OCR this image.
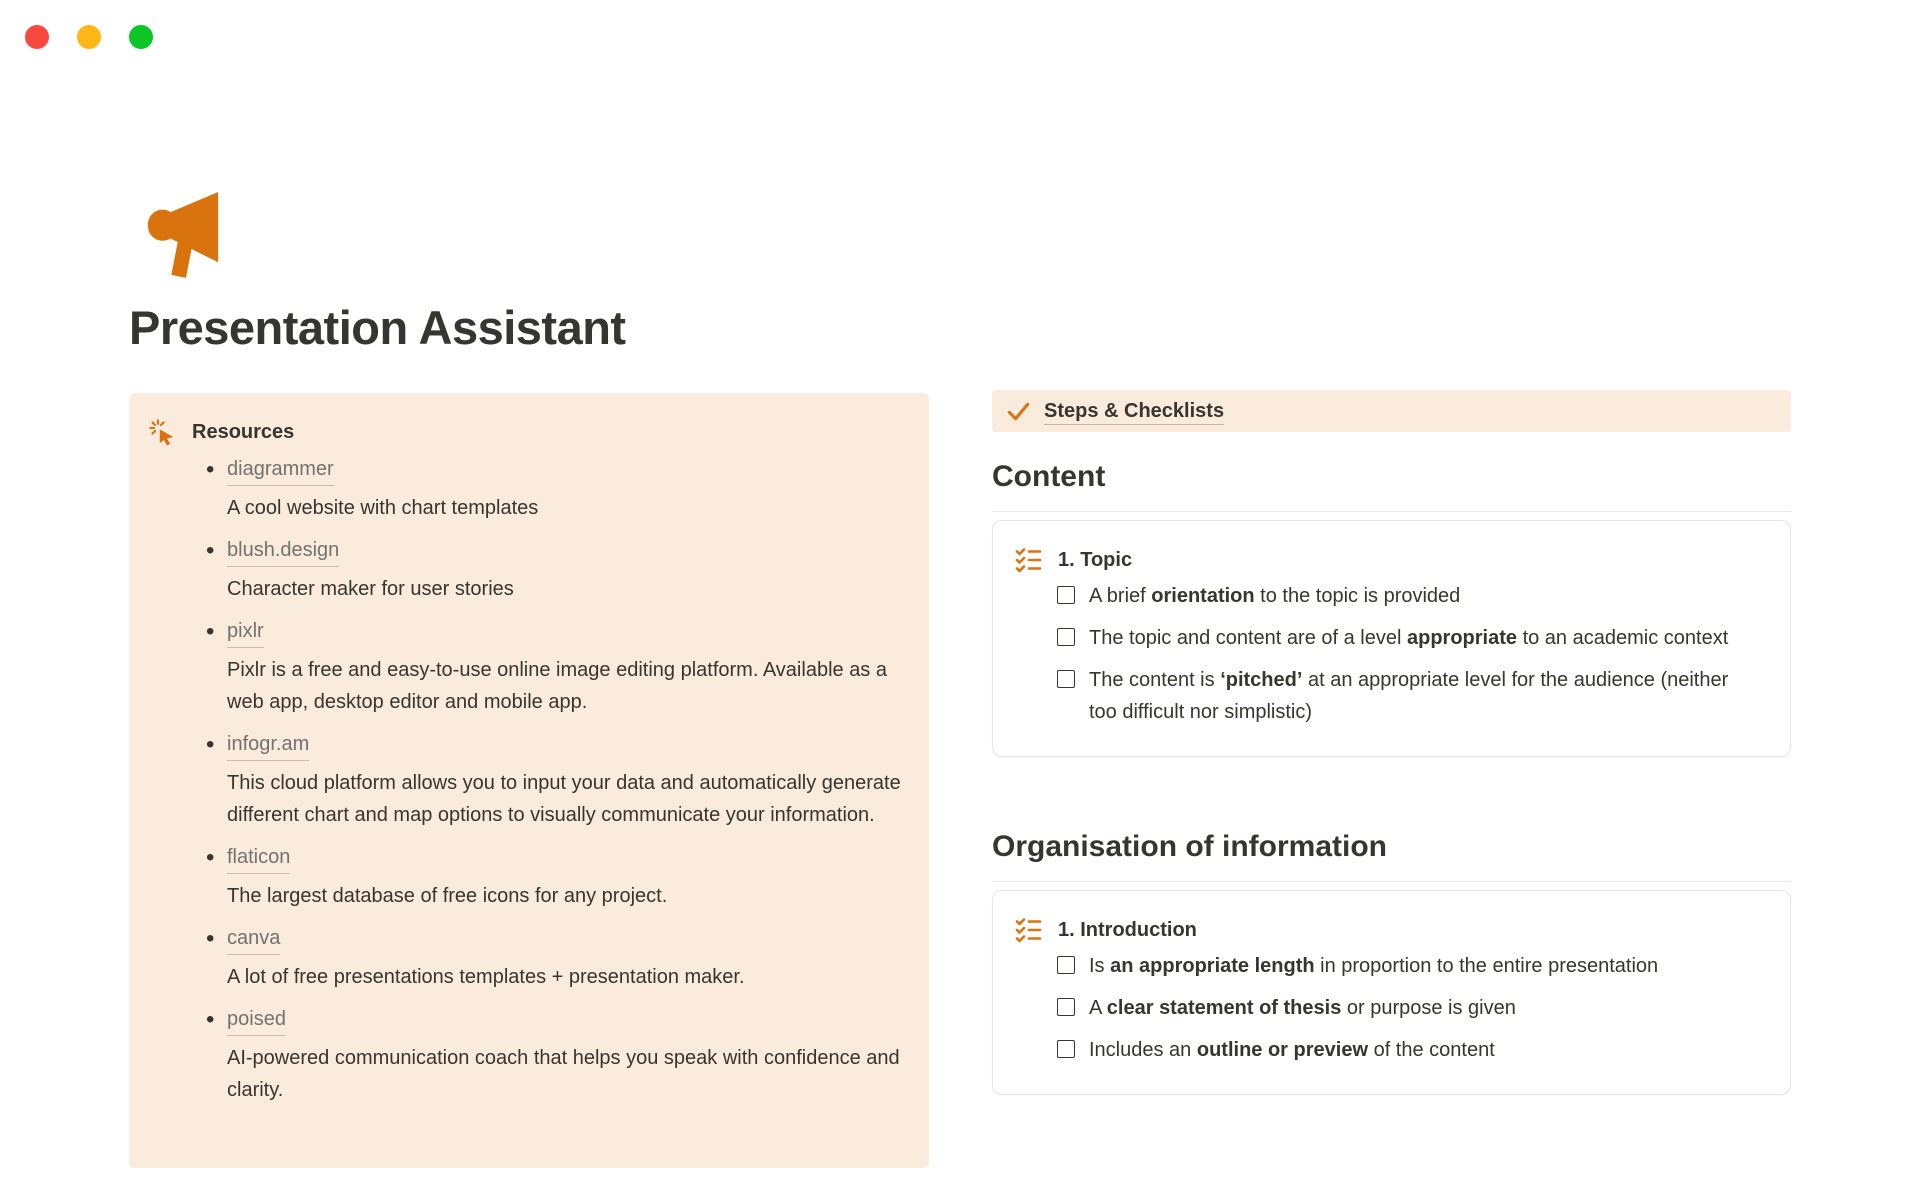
Presentation Assistant
Resources
• diagrammer
A cool website with chart templates
• blush.design
Character maker for user stories
• pixlr
Pixlr is a free and easy-to-use online image editing platform. Available as a web app, desktop editor and mobile app.
• infogr.am
This cloud platform allows you to input your data and automatically generate different chart and map options to visually communicate your information.
• flaticon
The largest database of free icons for any project.
• canva
A lot of free presentations templates + presentation maker.
• poised
AI-powered communication coach that helps you speak with confidence and clarity.
Steps & Checklists
Content
1. Topic
A brief orientation to the topic is provided
The topic and content are of a level appropriate to an academic context
The content is ‘pitched’ at an appropriate level for the audience (neither too difficult nor simplistic)
Organisation of information
1. Introduction
Is an appropriate length in proportion to the entire presentation
A clear statement of thesis or purpose is given
Includes an outline or preview of the content
